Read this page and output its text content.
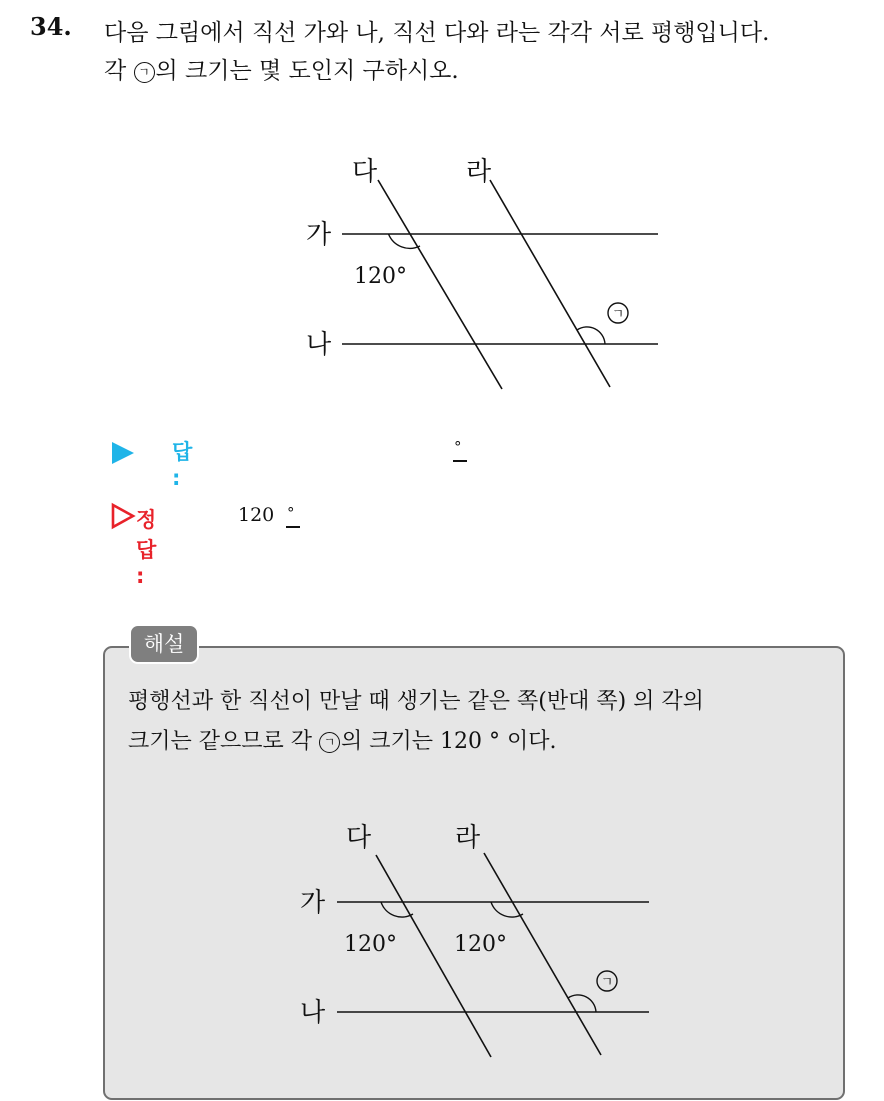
34. 다음 그림에서 직선 가와 나, 직선 다와 라는 각각 서로 평행입니다.
각 ㄱ 의 크기는 몇 도인지 구하시오.
다	라
가
나
120°
ㄱ
답 :
°
정답 :
120 °
해설
평행선과 한 직선이 만날 때 생기는 같은 쪽(반대 쪽) 의 각의
크기는 같으므로 각 ㄱ 의 크기는 120 ° 이다.
다	라
가
나
120°	120°
ㄱ
